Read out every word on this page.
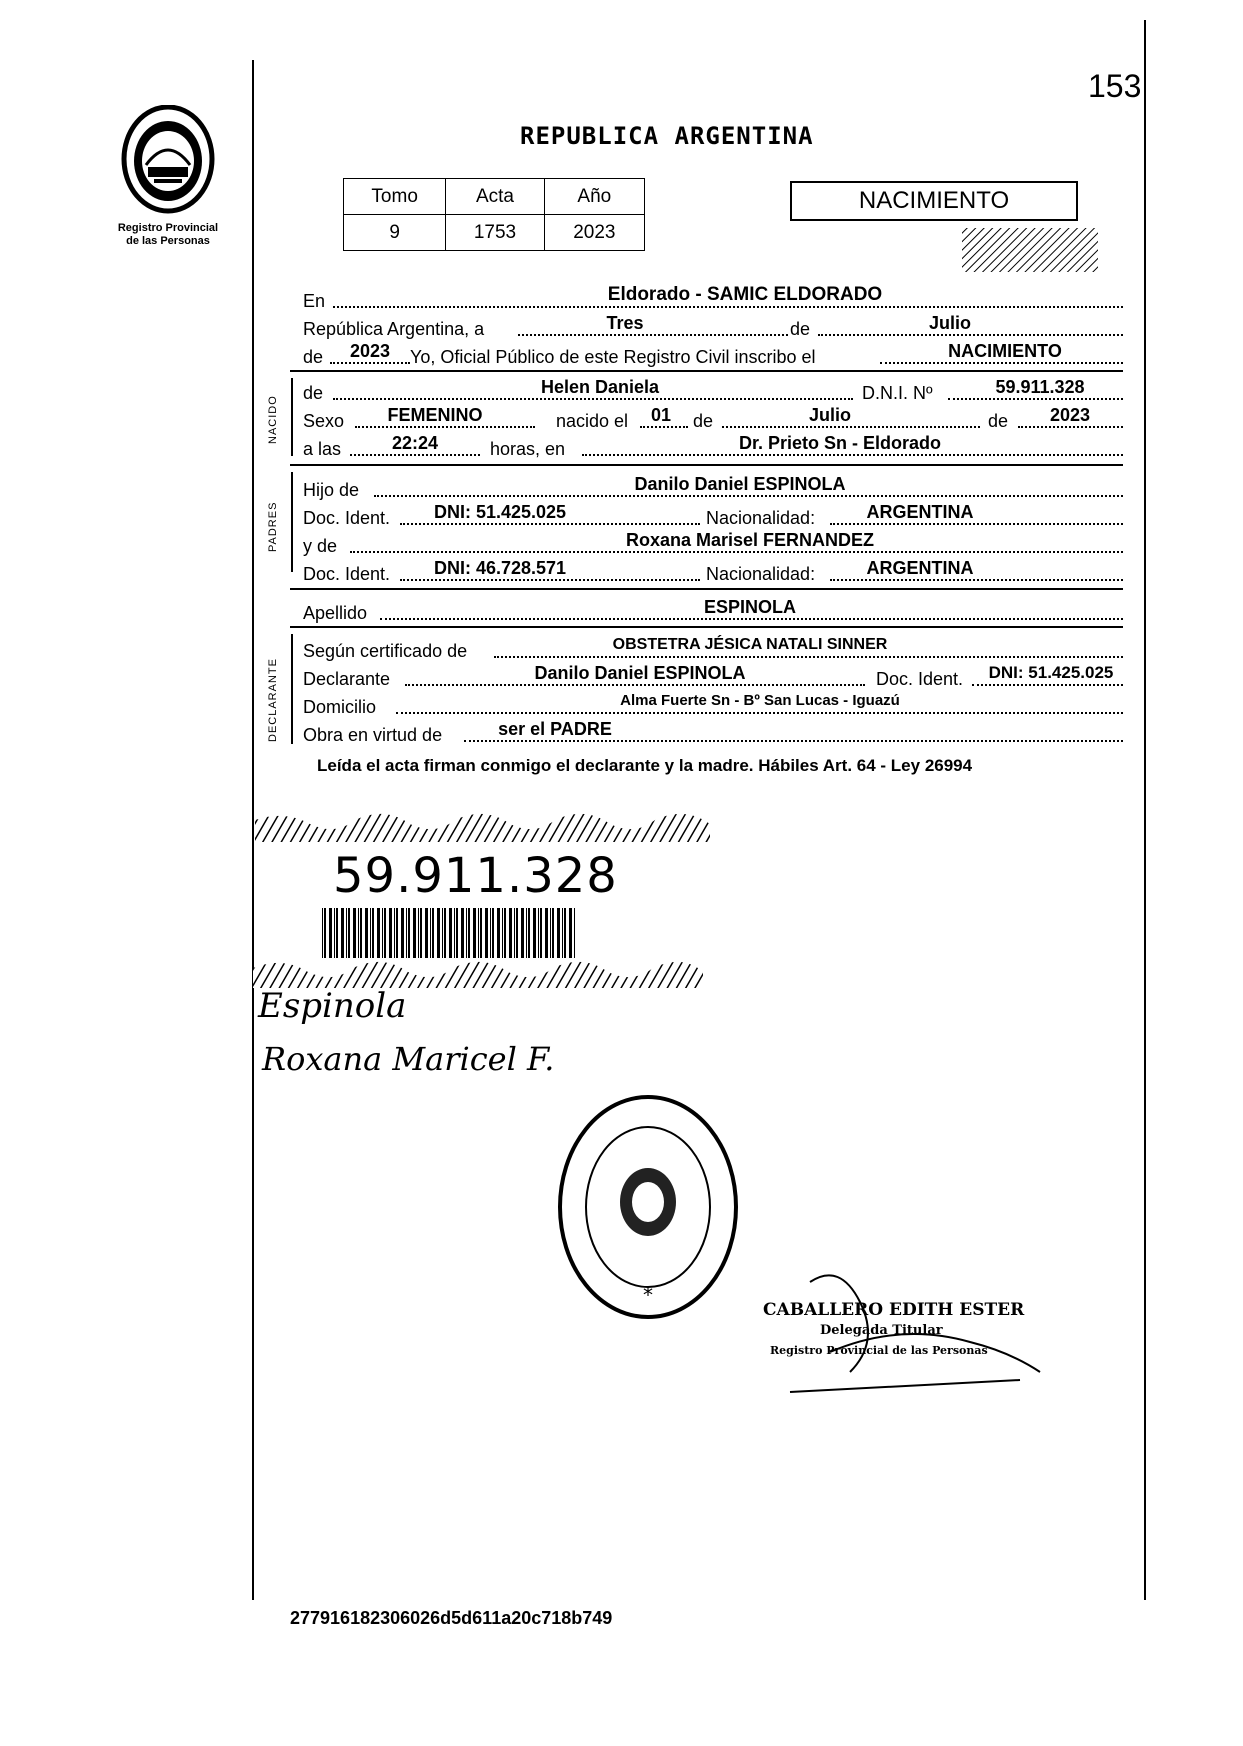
153
Registro Provincial
de las Personas
REPUBLICA ARGENTINA
Tomo	Acta	Año
9	1753	2023
NACIMIENTO
En	Eldorado - SAMIC ELDORADO
República Argentina, a	Tres	de	Julio
de	2023	Yo, Oficial Público de este Registro Civil inscribo el	NACIMIENTO
NACIDO
de	Helen Daniela	D.N.I. Nº	59.911.328
Sexo	FEMENINO	nacido el 01 de	Julio	de	2023
a las	22:24	horas, en	Dr. Prieto Sn - Eldorado
PADRES
Hijo de	Danilo Daniel ESPINOLA
Doc. Ident.	DNI: 51.425.025	Nacionalidad:	ARGENTINA
y de	Roxana Marisel FERNANDEZ
Doc. Ident.	DNI: 46.728.571	Nacionalidad:	ARGENTINA
Apellido	ESPINOLA
DECLARANTE
Según certificado de	OBSTETRA JÉSICA NATALI SINNER
Declarante	Danilo Daniel ESPINOLA	Doc. Ident.	DNI: 51.425.025
Domicilio	Alma Fuerte Sn - Bº San Lucas - Iguazú
Obra en virtud de	ser el PADRE
Leída el acta firman conmigo el declarante y la madre. Hábiles Art. 64 - Ley 26994
59.911.328
Espinola
Roxana Maricel F.
*
CABALLERO EDITH ESTER
Delegada Titular
Registro Provincial de las Personas
277916182306026d5d611a20c718b749
